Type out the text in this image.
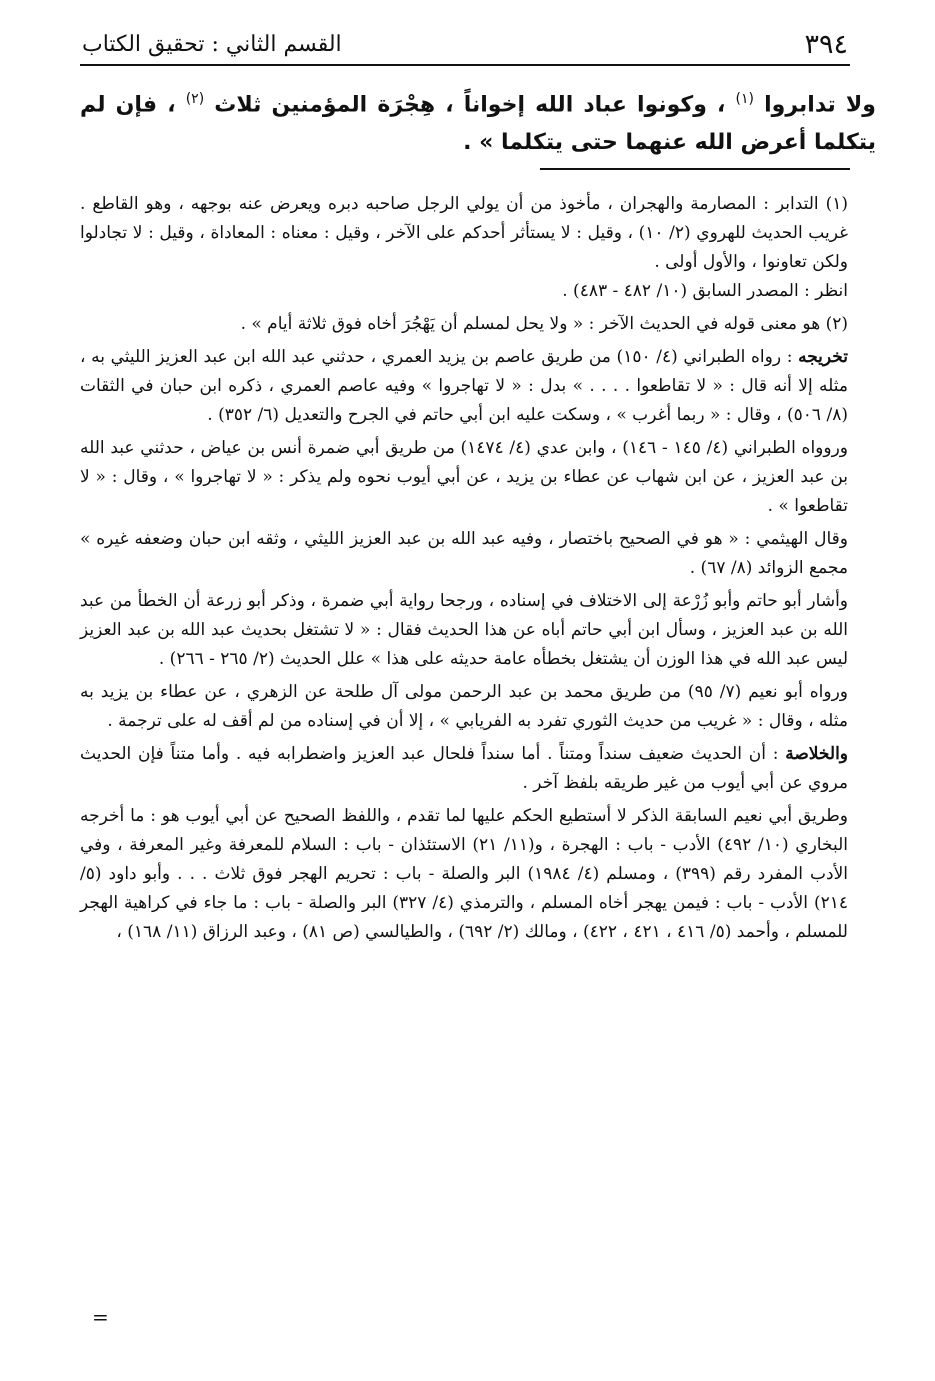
٣٩٤
القسم الثاني : تحقيق الكتاب
ولا تدابروا $^{(١)}$ ، وكونوا عباد الله إخواناً ، هِجْرَة المؤمنين ثلاث $^{(٢)}$ ، فإن لم يتكلما أعرض الله عنهما حتى يتكلما » .

(١) التدابر : المصارمة والهجران ، مأخوذ من أن يولي الرجل صاحبه دبره ويعرض عنه بوجهه ، وهو القاطع . غريب الحديث للهروي (٢/ ١٠) ، وقيل : لا يستأثر أحدكم على الآخر ، وقيل : معناه : المعاداة ، وقيل : لا تجادلوا ولكن تعاونوا ، والأول أولى .
انظر : المصدر السابق (١٠/ ٤٨٢ - ٤٨٣) .

(٢) هو معنى قوله في الحديث الآخر : « ولا يحل لمسلم أن يَهْجُرَ أخاه فوق ثلاثة أيام » .

تخريجه : رواه الطبراني (٤/ ١٥٠) من طريق عاصم بن يزيد العمري ، حدثني عبد الله ابن عبد العزيز الليثي به ، مثله إلا أنه قال : « لا تقاطعوا . . . . » بدل : « لا تهاجروا » وفيه عاصم العمري ، ذكره ابن حبان في الثقات (٨/ ٥٠٦) ، وقال : « ربما أغرب » ، وسكت عليه ابن أبي حاتم في الجرح والتعديل (٦/ ٣٥٢) .

وروواه الطبراني (٤/ ١٤٥ - ١٤٦) ، وابن عدي (٤/ ١٤٧٤) من طريق أبي ضمرة أنس بن عياض ، حدثني عبد الله بن عبد العزيز ، عن ابن شهاب عن عطاء بن يزيد ، عن أبي أيوب نحوه ولم يذكر : « لا تهاجروا » ، وقال : « لا تقاطعوا » .

وقال الهيثمي : « هو في الصحيح باختصار ، وفيه عبد الله بن عبد العزيز الليثي ، وثقه ابن حبان وضعفه غيره » مجمع الزوائد (٨/ ٦٧) .

وأشار أبو حاتم وأبو زُرْعة إلى الاختلاف في إسناده ، ورجحا رواية أبي ضمرة ، وذكر أبو زرعة أن الخطأ من عبد الله بن عبد العزيز ، وسأل ابن أبي حاتم أباه عن هذا الحديث فقال : « لا تشتغل بحديث عبد الله بن عبد العزيز ليس عبد الله في هذا الوزن أن يشتغل بخطأه عامة حديثه على هذا » علل الحديث (٢/ ٢٦٥ - ٢٦٦) .

ورواه أبو نعيم (٧/ ٩٥) من طريق محمد بن عبد الرحمن مولى آل طلحة عن الزهري ، عن عطاء بن يزيد به مثله ، وقال : « غريب من حديث الثوري تفرد به الفريابي » ، إلا أن في إسناده من لم أقف له على ترجمة .

والخلاصة : أن الحديث ضعيف سنداً ومتناً . أما سنداً فلحال عبد العزيز واضطرابه فيه . وأما متناً فإن الحديث مروي عن أبي أيوب من غير طريقه بلفظ آخر .

وطريق أبي نعيم السابقة الذكر لا أستطيع الحكم عليها لما تقدم ، واللفظ الصحيح عن أبي أيوب هو : ما أخرجه البخاري (١٠/ ٤٩٢) الأدب - باب : الهجرة ، و(١١/ ٢١) الاستئذان - باب : السلام للمعرفة وغير المعرفة ، وفي الأدب المفرد رقم (٣٩٩) ، ومسلم (٤/ ١٩٨٤) البر والصلة - باب : تحريم الهجر فوق ثلاث . . . وأبو داود (٥/ ٢١٤) الأدب - باب : فيمن يهجر أخاه المسلم ، والترمذي (٤/ ٣٢٧) البر والصلة - باب : ما جاء في كراهية الهجر للمسلم ، وأحمد (٥/ ٤١٦ ، ٤٢١ ، ٤٢٢) ، ومالك (٢/ ٦٩٢) ، والطيالسي (ص ٨١) ، وعبد الرزاق (١١/ ١٦٨) ،

=
